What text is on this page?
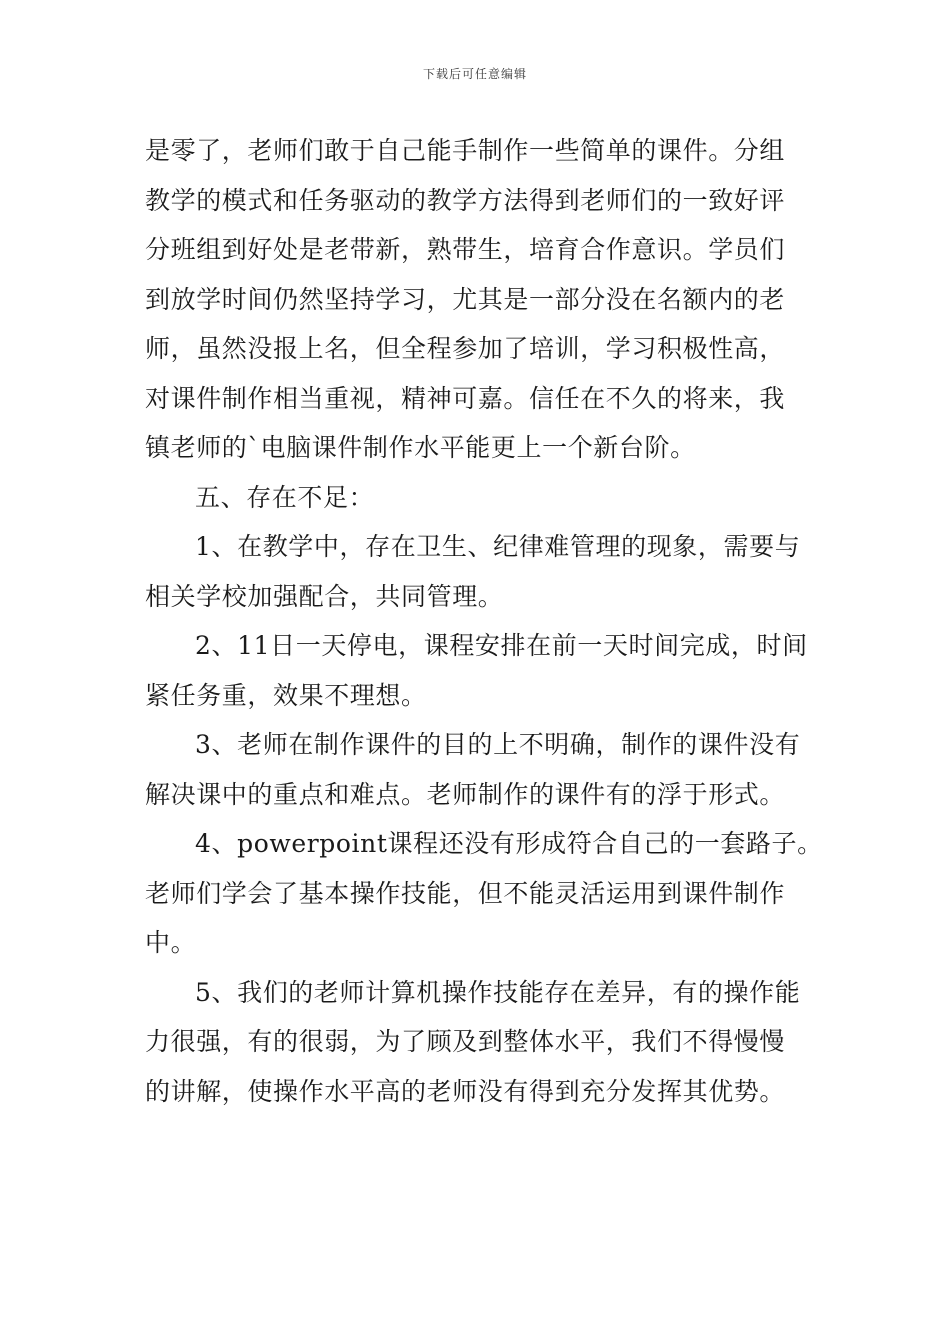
下载后可任意编辑

是零了，老师们敢于自己能手制作一些简单的课件。分组

教学的模式和任务驱动的教学方法得到老师们的一致好评

分班组到好处是老带新，熟带生，培育合作意识。学员们

到放学时间仍然坚持学习，尤其是一部分没在名额内的老

师，虽然没报上名，但全程参加了培训，学习积极性高，

对课件制作相当重视，精神可嘉。信任在不久的将来，我

镇老师的`电脑课件制作水平能更上一个新台阶。

五、存在不足：

1、在教学中，存在卫生、纪律难管理的现象，需要与

相关学校加强配合，共同管理。

2、11日一天停电，课程安排在前一天时间完成，时间

紧任务重，效果不理想。

3、老师在制作课件的目的上不明确，制作的课件没有

解决课中的重点和难点。老师制作的课件有的浮于形式。

4、powerpoint课程还没有形成符合自己的一套路子。

老师们学会了基本操作技能，但不能灵活运用到课件制作

中。

5、我们的老师计算机操作技能存在差异，有的操作能

力很强，有的很弱，为了顾及到整体水平，我们不得慢慢

的讲解，使操作水平高的老师没有得到充分发挥其优势。
